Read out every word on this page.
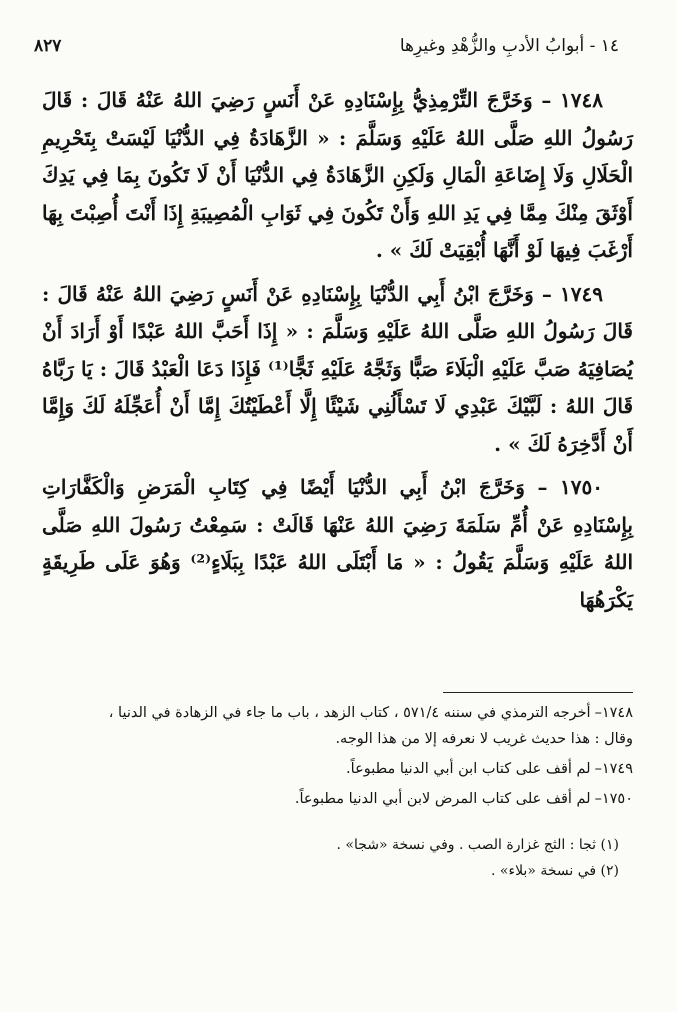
١٤ - أبوابُ الأدبِ والزُّهْدِ وغيرِها
٨٢٧

١٧٤٨ – وَخَرَّجَ التِّرْمِذِيُّ بِإِسْنَادِهِ عَنْ أَنَسٍ رَضِيَ اللهُ عَنْهُ قَالَ : قَالَ رَسُولُ اللهِ صَلَّى اللهُ عَلَيْهِ وَسَلَّمَ : « الزَّهَادَةُ فِي الدُّنْيَا لَيْسَتْ بِتَحْرِيمِ الْحَلَالِ وَلَا إِضَاعَةِ الْمَالِ وَلَكِنِ الزَّهَادَةُ فِي الدُّنْيَا أَنْ لَا تَكُونَ بِمَا فِي يَدِكَ أَوْثَقَ مِنْكَ مِمَّا فِي يَدِ اللهِ وَأَنْ تَكُونَ فِي ثَوَابِ الْمُصِيبَةِ إِذَا أَنْتَ أُصِبْتَ بِهَا أَرْغَبَ فِيهَا لَوْ أَنَّهَا أُبْقِيَتْ لَكَ » .

١٧٤٩ – وَخَرَّجَ ابْنُ أَبِي الدُّنْيَا بِإِسْنَادِهِ عَنْ أَنَسٍ رَضِيَ اللهُ عَنْهُ قَالَ : قَالَ رَسُولُ اللهِ صَلَّى اللهُ عَلَيْهِ وَسَلَّمَ : « إِذَا أَحَبَّ اللهُ عَبْدًا أَوْ أَرَادَ أَنْ يُصَافِيَهُ صَبَّ عَلَيْهِ الْبَلَاءَ صَبًّا وَثَجَّهُ عَلَيْهِ ثَجًّا⁽¹⁾ فَإِذَا دَعَا الْعَبْدُ قَالَ : يَا رَبَّاهُ قَالَ اللهُ : لَبَّيْكَ عَبْدِي لَا تَسْأَلُنِي شَيْئًا إِلَّا أَعْطَيْتُكَ إِمَّا أَنْ أُعَجِّلَهُ لَكَ وَإِمَّا أَنْ أَدَّخِرَهُ لَكَ » .

١٧٥٠ – وَخَرَّجَ ابْنُ أَبِي الدُّنْيَا أَيْضًا فِي كِتَابِ الْمَرَضِ وَالْكَفَّارَاتِ بِإِسْنَادِهِ عَنْ أُمِّ سَلَمَةَ رَضِيَ اللهُ عَنْهَا قَالَتْ : سَمِعْتُ رَسُولَ اللهِ صَلَّى اللهُ عَلَيْهِ وَسَلَّمَ يَقُولُ : « مَا أَبْتَلَى اللهُ عَبْدًا بِبَلَاءٍ⁽²⁾ وَهُوَ عَلَى طَرِيقَةٍ يَكْرَهُهَا

١٧٤٨–أخرجه الترمذي في سننه ٥٧١/٤ ، كتاب الزهد ، باب ما جاء في الزهادة في الدنيا ،
وقال : هذا حديث غريب لا نعرفه إلا من هذا الوجه.
١٧٤٩–لم أقف على كتاب ابن أبي الدنيا مطبوعاً.
١٧٥٠–لم أقف على كتاب المرض لابن أبي الدنيا مطبوعاً.

(١) ثجا : الثج غزارة الصب . وفي نسخة «شجا» .

(٢) في نسخة «بلاء» .
